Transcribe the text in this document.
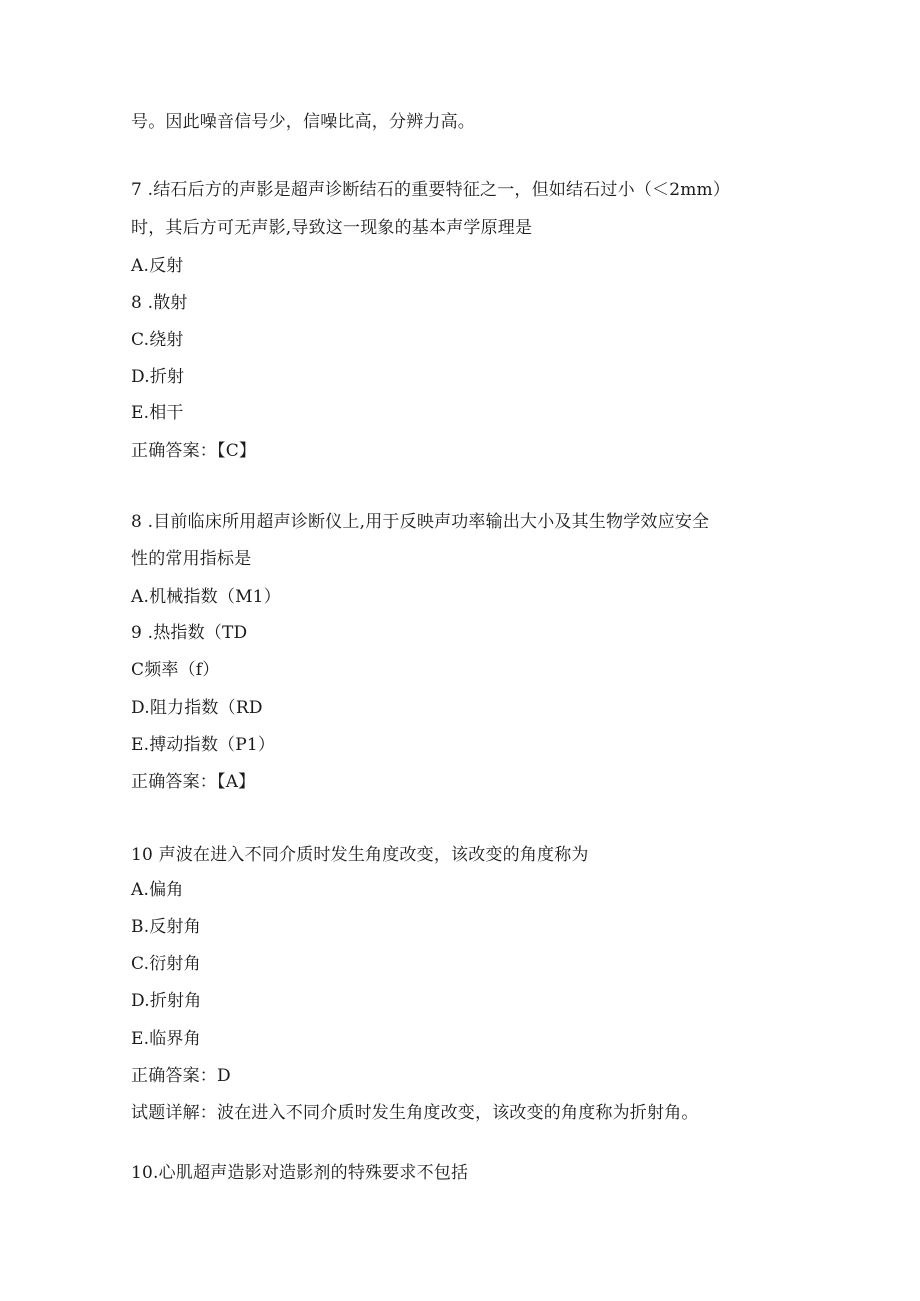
号。因此噪音信号少，信噪比高，分辨力高。
7 .结石后方的声影是超声诊断结石的重要特征之一，但如结石过小（＜2mm）
时，其后方可无声影,导致这一现象的基本声学原理是
A.反射
8 .散射
C.绕射
D.折射
E.相干
正确答案：【C】
8 .目前临床所用超声诊断仪上,用于反映声功率输出大小及其生物学效应安全
性的常用指标是
A.机械指数（M1）
9 .热指数（TD
C频率（f）
D.阻力指数（RD
E.搏动指数（P1）
正确答案：【A】
10 声波在进入不同介质时发生角度改变，该改变的角度称为
A.偏角
B.反射角
C.衍射角
D.折射角
E.临界角
正确答案：D
试题详解：波在进入不同介质时发生角度改变，该改变的角度称为折射角。
10.心肌超声造影对造影剂的特殊要求不包括
